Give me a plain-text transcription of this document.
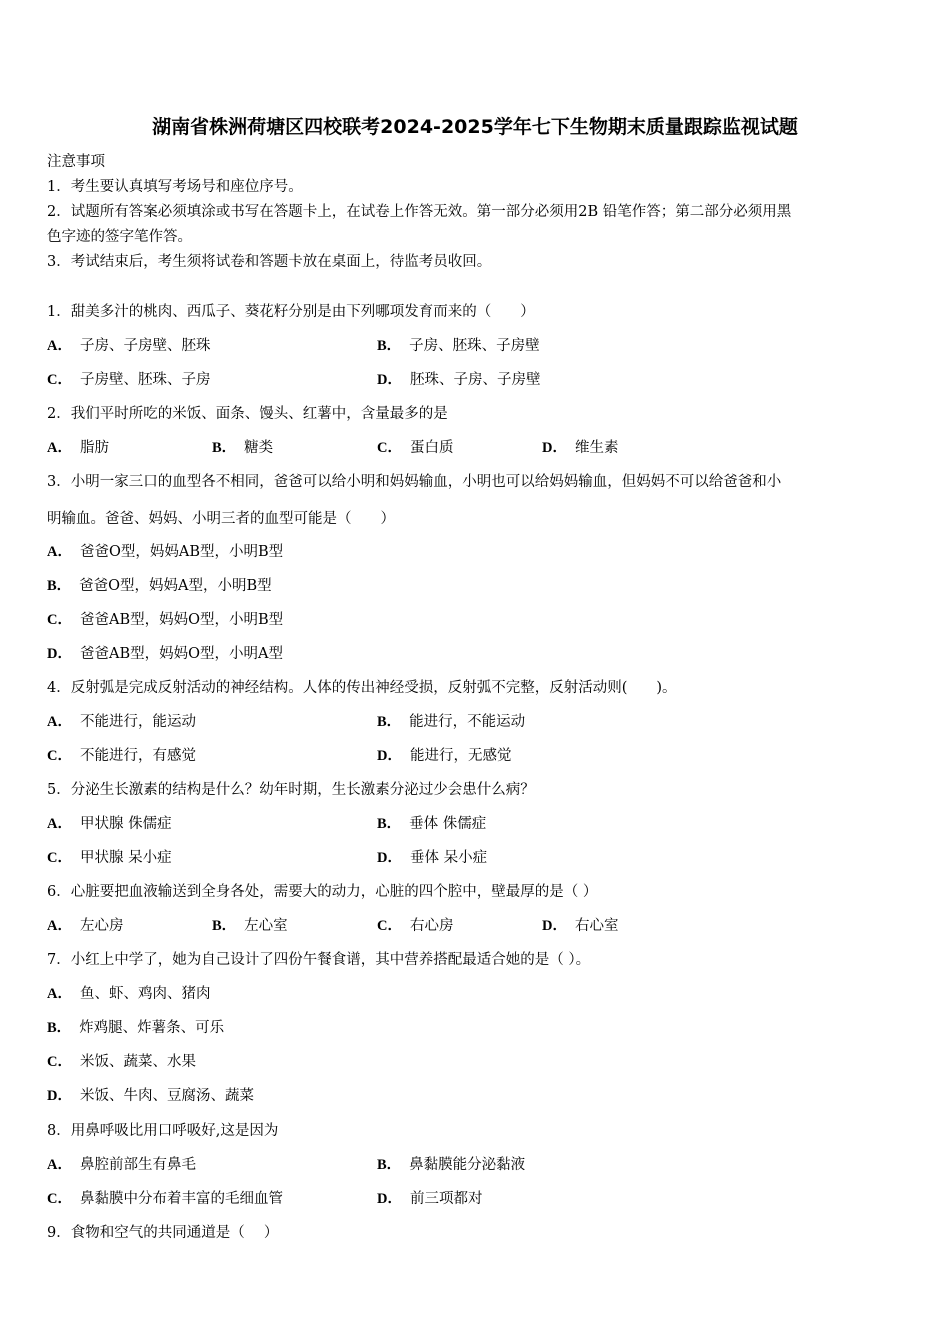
湖南省株洲荷塘区四校联考2024-2025学年七下生物期末质量跟踪监视试题
注意事项
1．考生要认真填写考场号和座位序号。
2．试题所有答案必须填涂或书写在答题卡上，在试卷上作答无效。第一部分必须用2B 铅笔作答；第二部分必须用黑
色字迹的签字笔作答。
3．考试结束后，考生须将试卷和答题卡放在桌面上，待监考员收回。
1．甜美多汁的桃肉、西瓜子、葵花籽分别是由下列哪项发育而来的（　　）
A． 子房、子房壁、胚珠	B． 子房、胚珠、子房壁
C． 子房壁、胚珠、子房	D． 胚珠、子房、子房壁
2．我们平时所吃的米饭、面条、馒头、红薯中，含量最多的是
A． 脂肪	B． 糖类	C． 蛋白质	D． 维生素
3．小明一家三口的血型各不相同，爸爸可以给小明和妈妈输血，小明也可以给妈妈输血，但妈妈不可以给爸爸和小
明输血。爸爸、妈妈、小明三者的血型可能是（　　）
A． 爸爸O型，妈妈AB型，小明B型
B． 爸爸O型，妈妈A型，小明B型
C． 爸爸AB型，妈妈O型，小明B型
D． 爸爸AB型，妈妈O型，小明A型
4．反射弧是完成反射活动的神经结构。人体的传出神经受损，反射弧不完整，反射活动则(　　)。
A． 不能进行，能运动	B． 能进行，不能运动
C． 不能进行，有感觉	D． 能进行，无感觉
5．分泌生长激素的结构是什么？幼年时期，生长激素分泌过少会患什么病？
A． 甲状腺 侏儒症	B． 垂体 侏儒症
C． 甲状腺 呆小症	D． 垂体 呆小症
6．心脏要把血液输送到全身各处，需要大的动力，心脏的四个腔中，壁最厚的是（ ）
A． 左心房	B． 左心室	C． 右心房	D． 右心室
7．小红上中学了，她为自己设计了四份午餐食谱，其中营养搭配最适合她的是（ ）。
A． 鱼、虾、鸡肉、猪肉
B． 炸鸡腿、炸薯条、可乐
C． 米饭、蔬菜、水果
D． 米饭、牛肉、豆腐汤、蔬菜
8．用鼻呼吸比用口呼吸好,这是因为
A． 鼻腔前部生有鼻毛	B． 鼻黏膜能分泌黏液
C． 鼻黏膜中分布着丰富的毛细血管	D． 前三项都对
9．食物和空气的共同通道是（　 ）
